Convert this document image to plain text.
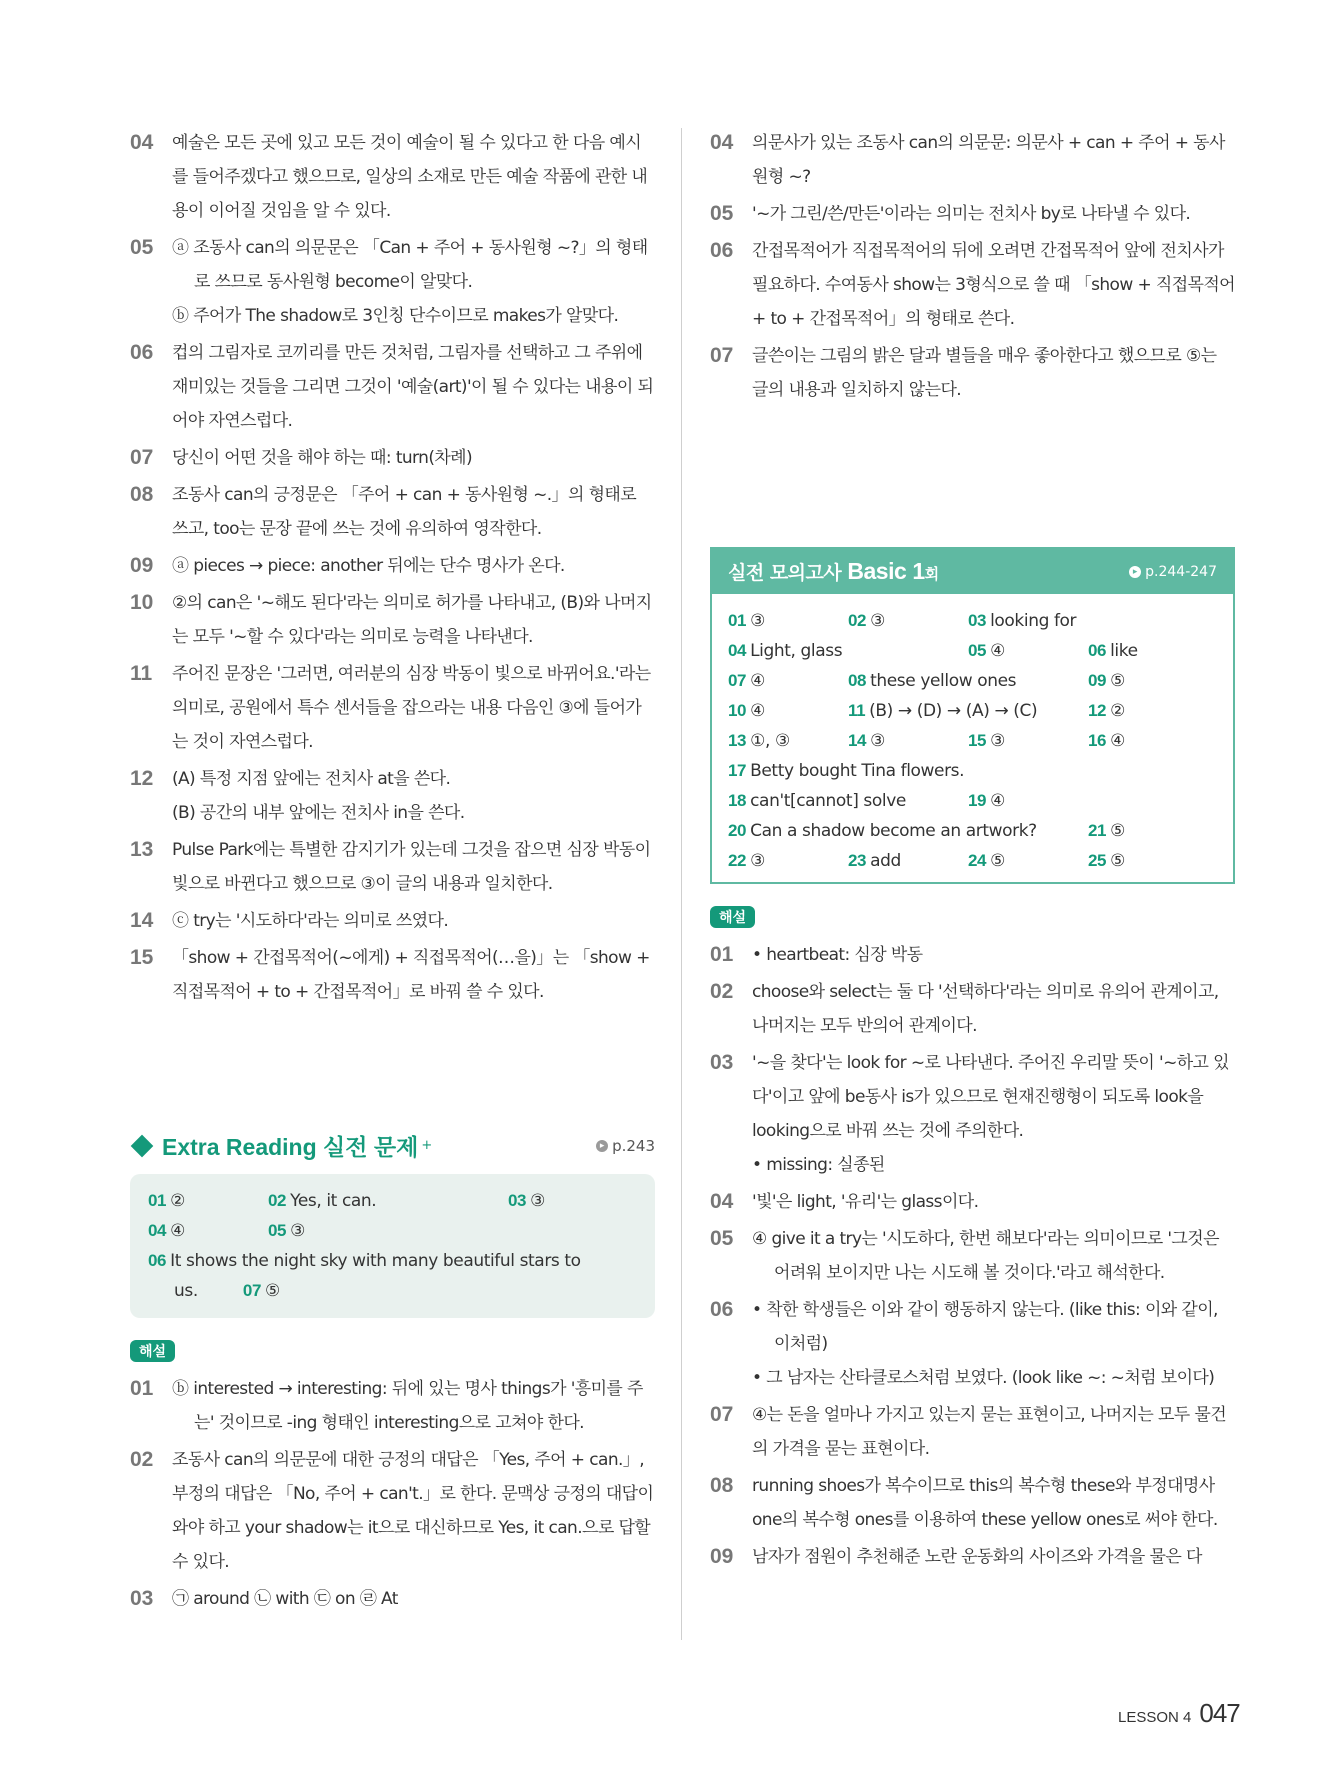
04	예술은 모든 곳에 있고 모든 것이 예술이 될 수 있다고 한 다음 예시를 들어주겠다고 했으므로, 일상의 소재로 만든 예술 작품에 관한 내용이 이어질 것임을 알 수 있다.

05	ⓐ 조동사 can의 의문문은 「Can + 주어 + 동사원형 ~?」의 형태로 쓰므로 동사원형 become이 알맞다.

ⓑ 주어가 The shadow로 3인칭 단수이므로 makes가 알맞다.

06	컵의 그림자로 코끼리를 만든 것처럼, 그림자를 선택하고 그 주위에 재미있는 것들을 그리면 그것이 '예술(art)'이 될 수 있다는 내용이 되어야 자연스럽다.

07	당신이 어떤 것을 해야 하는 때: turn(차례)

08	조동사 can의 긍정문은 「주어 + can + 동사원형 ~.」의 형태로 쓰고, too는 문장 끝에 쓰는 것에 유의하여 영작한다.

09	ⓐ pieces → piece: another 뒤에는 단수 명사가 온다.

10	②의 can은 '~해도 된다'라는 의미로 허가를 나타내고, (B)와 나머지는 모두 '~할 수 있다'라는 의미로 능력을 나타낸다.

11	주어진 문장은 '그러면, 여러분의 심장 박동이 빛으로 바뀌어요.'라는 의미로, 공원에서 특수 센서들을 잡으라는 내용 다음인 ③에 들어가는 것이 자연스럽다.

12	(A) 특정 지점 앞에는 전치사 at을 쓴다.

(B) 공간의 내부 앞에는 전치사 in을 쓴다.

13	Pulse Park에는 특별한 감지기가 있는데 그것을 잡으면 심장 박동이 빛으로 바뀐다고 했으므로 ③이 글의 내용과 일치한다.

14	ⓒ try는 '시도하다'라는 의미로 쓰였다.

15	「show + 간접목적어(~에게) + 직접목적어(…을)」는 「show + 직접목적어 + to + 간접목적어」로 바꿔 쓸 수 있다.

Extra Reading 실전 문제 +	▸ p.243
01 ②	02 Yes, it can.	03 ③
04 ④	05 ③
06 It shows the night sky with many beautiful stars to us.	07 ⑤
해설
01	ⓑ interested → interesting: 뒤에 있는 명사 things가 '흥미를 주는' 것이므로 -ing 형태인 interesting으로 고쳐야 한다.

02	조동사 can의 의문문에 대한 긍정의 대답은 「Yes, 주어 + can.」, 부정의 대답은 「No, 주어 + can't.」로 한다. 문맥상 긍정의 대답이 와야 하고 your shadow는 it으로 대신하므로 Yes, it can.으로 답할 수 있다.

03	㉠ around ㉡ with ㉢ on ㉣ At

04	의문사가 있는 조동사 can의 의문문: 의문사 + can + 주어 + 동사원형 ~?

05	'~가 그린/쓴/만든'이라는 의미는 전치사 by로 나타낼 수 있다.

06	간접목적어가 직접목적어의 뒤에 오려면 간접목적어 앞에 전치사가 필요하다. 수여동사 show는 3형식으로 쓸 때 「show + 직접목적어 + to + 간접목적어」의 형태로 쓴다.

07	글쓴이는 그림의 밝은 달과 별들을 매우 좋아한다고 했으므로 ⑤는 글의 내용과 일치하지 않는다.

실전 모의고사 Basic 1회	▸ p.244-247
01 ③	02 ③	03 looking for
04 Light, glass	05 ④	06 like
07 ④	08 these yellow ones	09 ⑤
10 ④	11 (B) → (D) → (A) → (C)	12 ②
13 ①, ③	14 ③	15 ③	16 ④
17 Betty bought Tina flowers.
18 can't[cannot] solve	19 ④
20 Can a shadow become an artwork?	21 ⑤
22 ③	23 add	24 ⑤	25 ⑤
해설
01	• heartbeat: 심장 박동

02	choose와 select는 둘 다 '선택하다'라는 의미로 유의어 관계이고, 나머지는 모두 반의어 관계이다.

03	'~을 찾다'는 look for ~로 나타낸다. 주어진 우리말 뜻이 '~하고 있다'이고 앞에 be동사 is가 있으므로 현재진행형이 되도록 look을 looking으로 바꿔 쓰는 것에 주의한다.

• missing: 실종된

04	'빛'은 light, '유리'는 glass이다.

05	④ give it a try는 '시도하다, 한번 해보다'라는 의미이므로 '그것은 어려워 보이지만 나는 시도해 볼 것이다.'라고 해석한다.

06	• 착한 학생들은 이와 같이 행동하지 않는다. (like this: 이와 같이, 이처럼)

• 그 남자는 산타클로스처럼 보였다. (look like ~: ~처럼 보이다)

07	④는 돈을 얼마나 가지고 있는지 묻는 표현이고, 나머지는 모두 물건의 가격을 묻는 표현이다.

08	running shoes가 복수이므로 this의 복수형 these와 부정대명사 one의 복수형 ones를 이용하여 these yellow ones로 써야 한다.

09	남자가 점원이 추천해준 노란 운동화의 사이즈와 가격을 물은 다

LESSON 4 047
